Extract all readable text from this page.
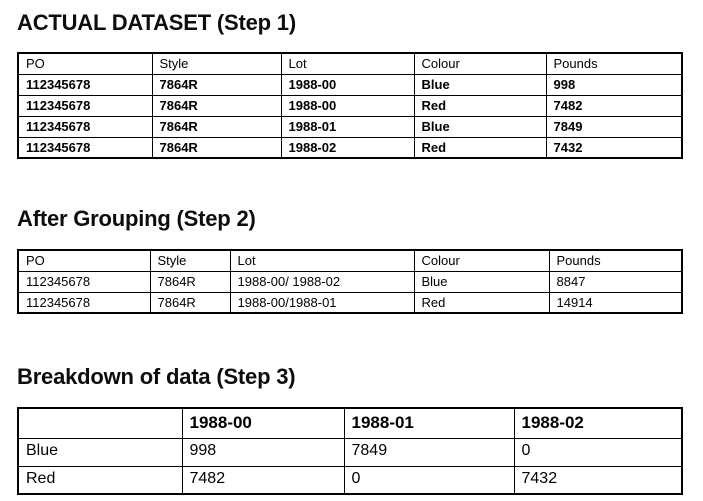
ACTUAL DATASET (Step 1)
PO	Style	Lot	Colour	Pounds
112345678	7864R	1988-00	Blue	998
112345678	7864R	1988-00	Red	7482
112345678	7864R	1988-01	Blue	7849
112345678	7864R	1988-02	Red	7432
After Grouping (Step 2)
PO	Style	Lot	Colour	Pounds
112345678	7864R	1988-00/ 1988-02	Blue	8847
112345678	7864R	1988-00/1988-01	Red	14914
Breakdown of data (Step 3)
	1988-00	1988-01	1988-02
Blue	998	7849	0
Red	7482	0	7432
